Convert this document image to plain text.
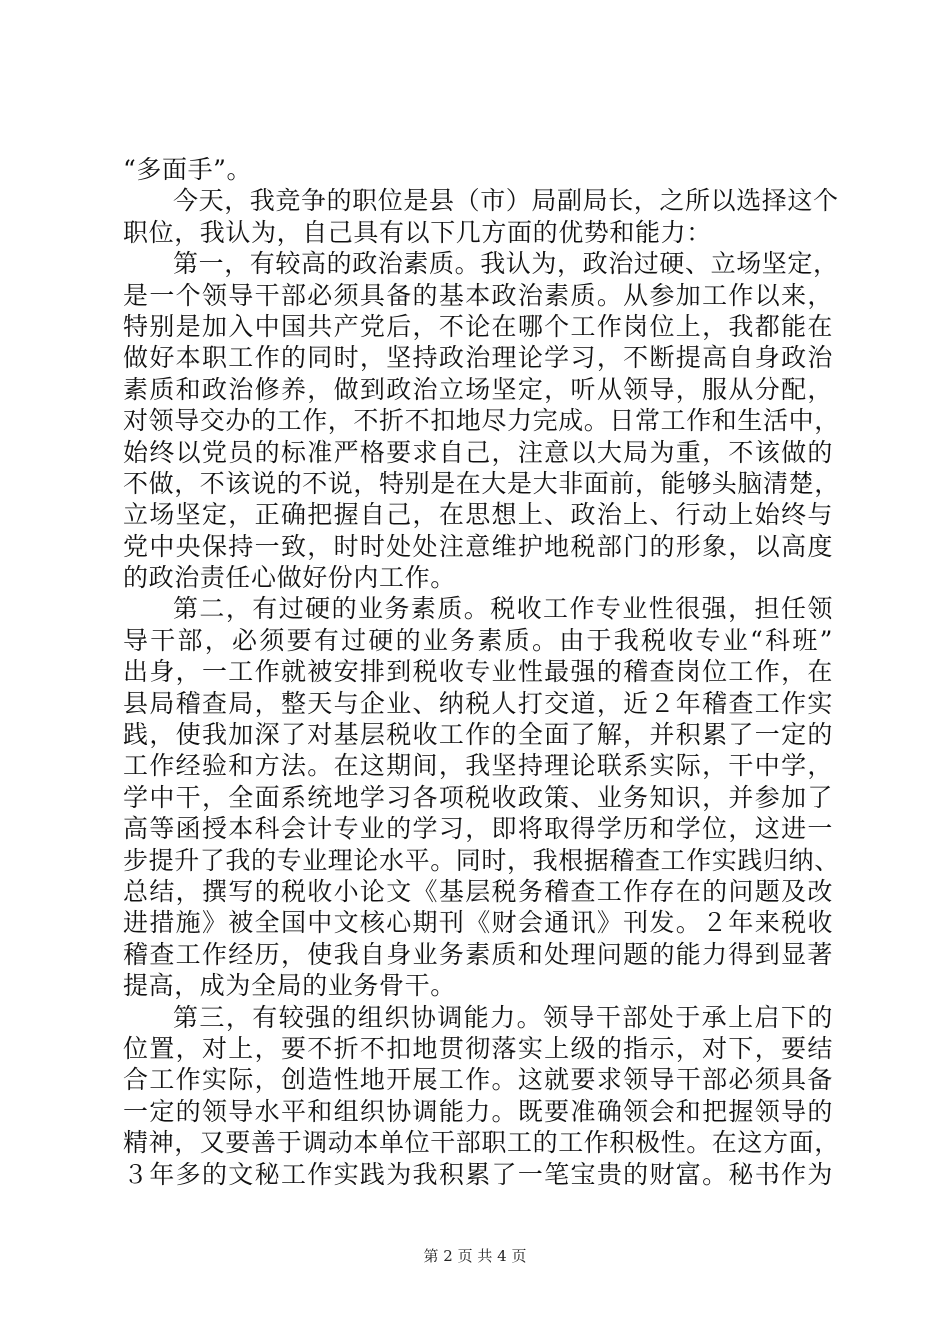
“多面手”。
今天，我竞争的职位是县（市）局副局长，之所以选择这个
职位，我认为，自己具有以下几方面的优势和能力：
第一，有较高的政治素质。我认为，政治过硬、立场坚定，
是一个领导干部必须具备的基本政治素质。从参加工作以来，
特别是加入中国共产党后，不论在哪个工作岗位上，我都能在
做好本职工作的同时，坚持政治理论学习，不断提高自身政治
素质和政治修养，做到政治立场坚定，听从领导，服从分配，
对领导交办的工作，不折不扣地尽力完成。日常工作和生活中，
始终以党员的标准严格要求自己，注意以大局为重，不该做的
不做，不该说的不说，特别是在大是大非面前，能够头脑清楚，
立场坚定，正确把握自己，在思想上、政治上、行动上始终与
党中央保持一致，时时处处注意维护地税部门的形象，以高度
的政治责任心做好份内工作。
第二，有过硬的业务素质。税收工作专业性很强，担任领
导干部，必须要有过硬的业务素质。由于我税收专业“科班”
出身，一工作就被安排到税收专业性最强的稽查岗位工作，在
县局稽查局，整天与企业、纳税人打交道，近２年稽查工作实
践，使我加深了对基层税收工作的全面了解，并积累了一定的
工作经验和方法。在这期间，我坚持理论联系实际，干中学，
学中干，全面系统地学习各项税收政策、业务知识，并参加了
高等函授本科会计专业的学习，即将取得学历和学位，这进一
步提升了我的专业理论水平。同时，我根据稽查工作实践归纳、
总结，撰写的税收小论文《基层税务稽查工作存在的问题及改
进措施》被全国中文核心期刊《财会通讯》刊发。２年来税收
稽查工作经历，使我自身业务素质和处理问题的能力得到显著
提高，成为全局的业务骨干。
第三，有较强的组织协调能力。领导干部处于承上启下的
位置，对上，要不折不扣地贯彻落实上级的指示，对下，要结
合工作实际，创造性地开展工作。这就要求领导干部必须具备
一定的领导水平和组织协调能力。既要准确领会和把握领导的
精神，又要善于调动本单位干部职工的工作积极性。在这方面，
３年多的文秘工作实践为我积累了一笔宝贵的财富。秘书作为
第 2 页 共 4 页
